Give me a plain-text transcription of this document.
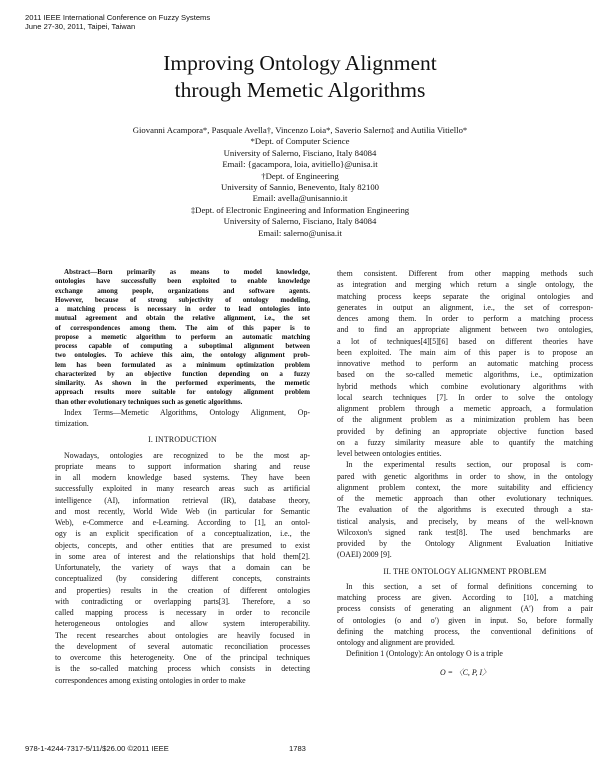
2011 IEEE International Conference on Fuzzy Systems
June 27-30, 2011, Taipei, Taiwan
Improving Ontology Alignment
through Memetic Algorithms
Giovanni Acampora*, Pasquale Avella†, Vincenzo Loia*, Saverio Salerno‡ and Autilia Vitiello*
*Dept. of Computer Science
University of Salerno, Fisciano, Italy 84084
Email: {gacampora, loia, avitiello}@unisa.it
†Dept. of Engineering
University of Sannio, Benevento, Italy 82100
Email: avella@unisannio.it
‡Dept. of Electronic Engineering and Information Engineering
University of Salerno, Fisciano, Italy 84084
Email: salerno@unisa.it
Abstract—Born primarily as means to model knowledge,
ontologies have successfully been exploited to enable knowledge
exchange among people, organizations and software agents.
However, because of strong subjectivity of ontology modeling,
a matching process is necessary in order to lead ontologies into
mutual agreement and obtain the relative alignment, i.e., the set
of correspondences among them. The aim of this paper is to
propose a memetic algorithm to perform an automatic matching
process capable of computing a suboptimal alignment between
two ontologies. To achieve this aim, the ontology alignment prob-
lem has been formulated as a minimum optimization problem
characterized by an objective function depending on a fuzzy
similarity. As shown in the performed experiments, the memetic
approach results more suitable for ontology alignment problem
than other evolutionary techniques such as genetic algorithms.
Index Terms—Memetic Algorithms, Ontology Alignment, Op-
timization.
I. INTRODUCTION
Nowadays, ontologies are recognized to be the most ap-
propriate means to support information sharing and reuse
in all modern knowledge based systems. They have been
successfully exploited in many research areas such as artificial
intelligence (AI), information retrieval (IR), database theory,
and most recently, World Wide Web (in particular for Semantic
Web), e-Commerce and e-Learning. According to [1], an ontol-
ogy is an explicit specification of a conceptualization, i.e., the
objects, concepts, and other entities that are presumed to exist
in some area of interest and the relationships that hold them[2].
Unfortunately, the variety of ways that a domain can be
conceptualized (by considering different concepts, constraints
and properties) results in the creation of different ontologies
with contradicting or overlapping parts[3]. Therefore, a so
called mapping process is necessary in order to reconcile
heterogeneous ontologies and allow system interoperability.
The recent researches about ontologies are heavily focused in
the development of several automatic reconciliation processes
to overcome this heterogeneity. One of the principal techniques
is the so-called matching process which consists in detecting
correspondences among existing ontologies in order to make
them consistent. Different from other mapping methods such
as integration and merging which return a single ontology, the
matching process keeps separate the original ontologies and
generates in output an alignment, i.e., the set of correspon-
dences among them. In order to perform a matching process
and to find an appropriate alignment between two ontologies,
a lot of techniques[4][5][6] based on different theories have
been exploited. The main aim of this paper is to propose an
innovative method to perform an automatic matching process
based on the so-called memetic algorithms, i.e., optimization
hybrid methods which combine evolutionary algorithms with
local search techniques [7]. In order to solve the ontology
alignment problem through a memetic approach, a formulation
of the alignment problem as a minimization problem has been
provided by defining an appropriate objective function based
on a fuzzy similarity measure able to quantify the matching
level between ontologies entities.
In the experimental results section, our proposal is com-
pared with genetic algorithms in order to show, in the ontology
alignment problem context, the more suitability and efficiency
of the memetic approach than other evolutionary techniques.
The evaluation of the algorithms is executed through a sta-
tistical analysis, and precisely, by means of the well-known
Wilcoxon's signed rank test[8]. The used benchmarks are
provided by the Ontology Alignment Evaluation Initiative
(OAEI) 2009 [9].
II. THE ONTOLOGY ALIGNMENT PROBLEM
In this section, a set of formal definitions concerning to
matching process are given. According to [10], a matching
process consists of generating an alignment (A′) from a pair
of ontologies (o and o′) given in input. So, before formally
defining the matching process, the conventional definitions of
ontology and alignment are provided.
Definition 1 (Ontology): An ontology O is a triple
O = 〈C, P, I〉
978-1-4244-7317-5/11/$26.00 ©2011 IEEE	1783
